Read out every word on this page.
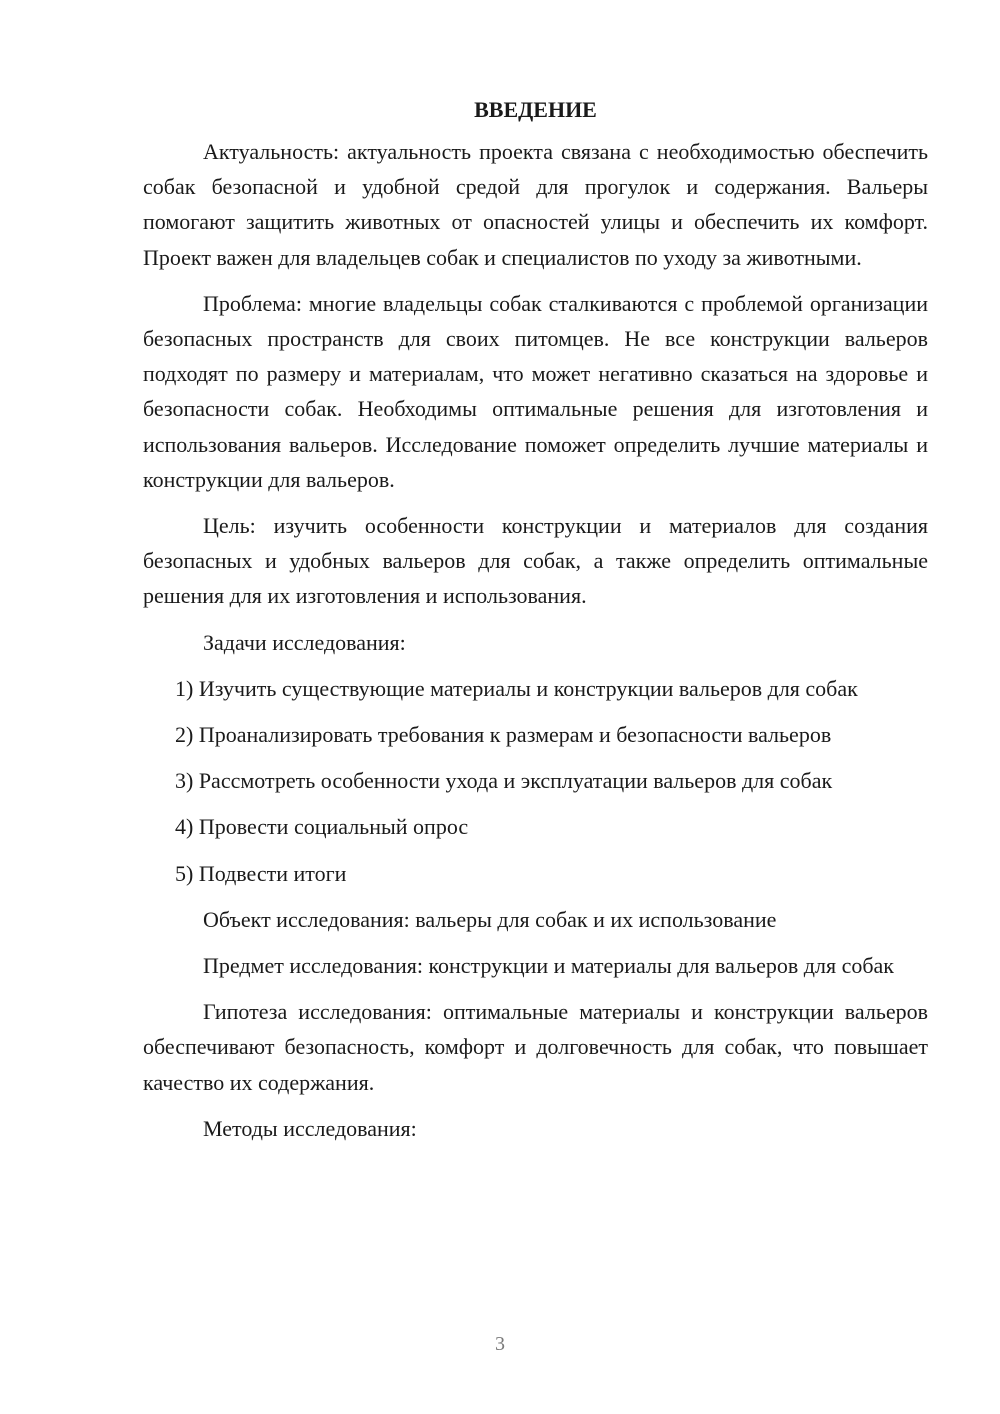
ВВЕДЕНИЕ

Актуальность: актуальность проекта связана с необходимостью обеспечить собак безопасной и удобной средой для прогулок и содержания. Вальеры помогают защитить животных от опасностей улицы и обеспечить их комфорт. Проект важен для владельцев собак и специалистов по уходу за животными.

Проблема: многие владельцы собак сталкиваются с проблемой организации безопасных пространств для своих питомцев. Не все конструкции вальеров подходят по размеру и материалам, что может негативно сказаться на здоровье и безопасности собак. Необходимы оптимальные решения для изготовления и использования вальеров. Исследование поможет определить лучшие материалы и конструкции для вальеров.

Цель: изучить особенности конструкции и материалов для создания безопасных и удобных вальеров для собак, а также определить оптимальные решения для их изготовления и использования.

Задачи исследования:

1) Изучить существующие материалы и конструкции вальеров для собак

2) Проанализировать требования к размерам и безопасности вальеров

3) Рассмотреть особенности ухода и эксплуатации вальеров для собак

4) Провести социальный опрос

5) Подвести итоги

Объект исследования: вальеры для собак и их использование

Предмет исследования: конструкции и материалы для вальеров для собак

Гипотеза исследования: оптимальные материалы и конструкции вальеров обеспечивают безопасность, комфорт и долговечность для собак, что повышает качество их содержания.

Методы исследования:

3
